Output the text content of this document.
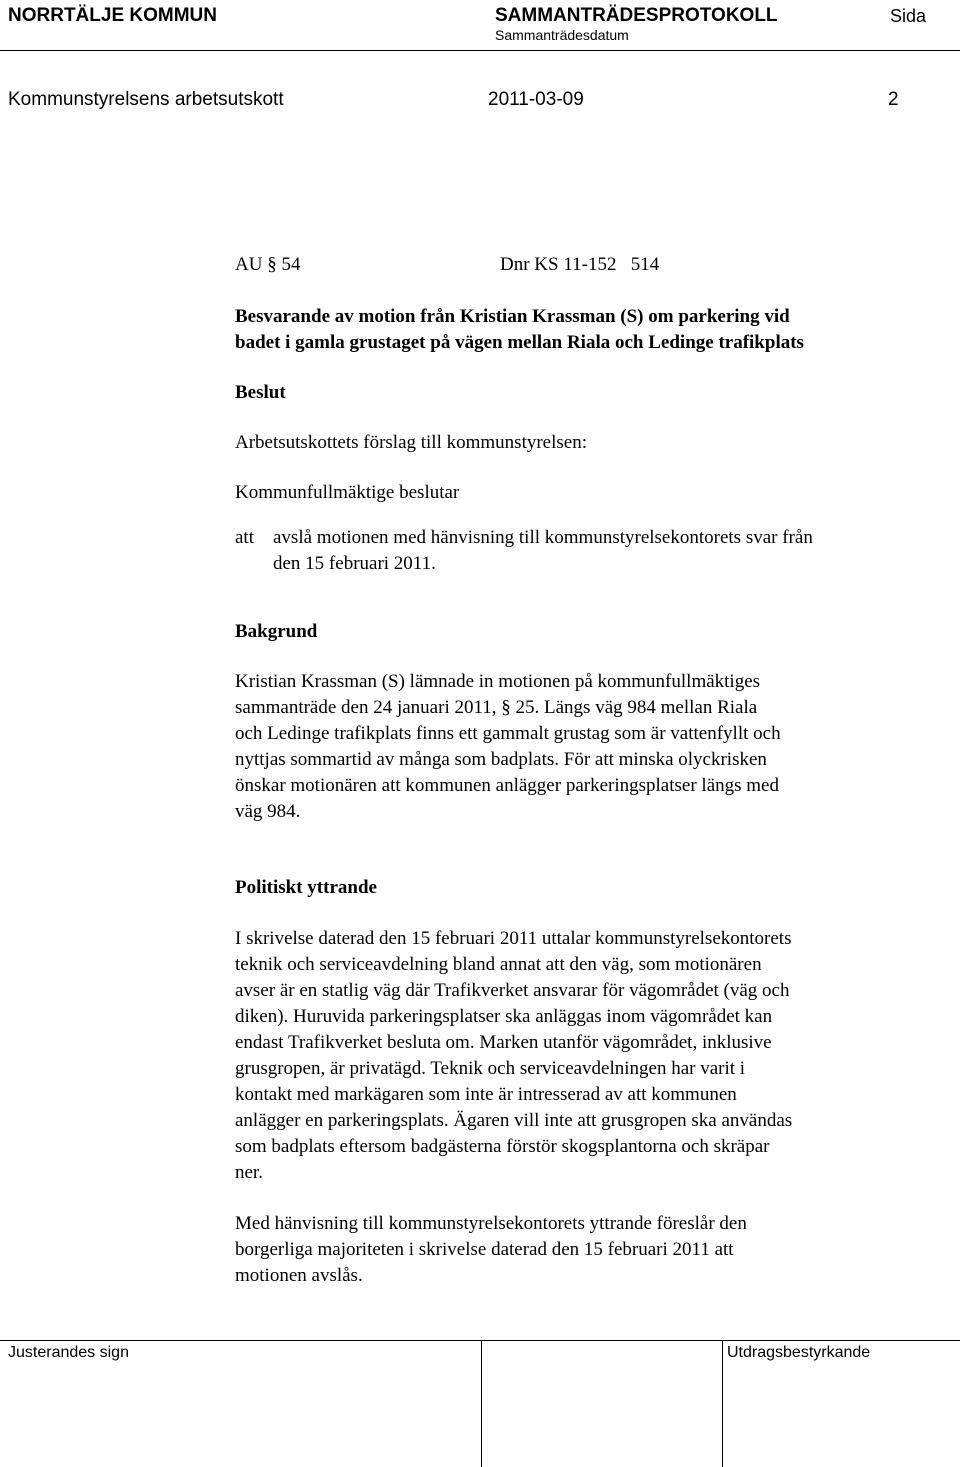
NORRTÄLJE KOMMUN	SAMMANTRÄDESPROTOKOLL
Sammanträdesdatum
Sida
Kommunstyrelsens arbetsutskott	2011-03-09	2
AU § 54	Dnr KS 11-152   514

Besvarande av motion från Kristian Krassman (S) om parkering vid

badet i gamla grustaget på vägen mellan Riala och Ledinge trafikplats

Beslut

Arbetsutskottets förslag till kommunstyrelsen:

Kommunfullmäktige beslutar

att	avslå motionen med hänvisning till kommunstyrelsekontorets svar från

den 15 februari 2011.

Bakgrund

Kristian Krassman (S) lämnade in motionen på kommunfullmäktiges

sammanträde den 24 januari 2011, § 25. Längs väg 984 mellan Riala

och Ledinge trafikplats finns ett gammalt grustag som är vattenfyllt och

nyttjas sommartid av många som badplats. För att minska olyckrisken

önskar motionären att kommunen anlägger parkeringsplatser längs med

väg 984.

Politiskt yttrande

I skrivelse daterad den 15 februari 2011 uttalar kommunstyrelsekontorets

teknik och serviceavdelning bland annat att den väg, som motionären

avser är en statlig väg där Trafikverket ansvarar för vägområdet (väg och

diken). Huruvida parkeringsplatser ska anläggas inom vägområdet kan

endast Trafikverket besluta om. Marken utanför vägområdet, inklusive

grusgropen, är privatägd. Teknik och serviceavdelningen har varit i

kontakt med markägaren som inte är intresserad av att kommunen

anlägger en parkeringsplats. Ägaren vill inte att grusgropen ska användas

som badplats eftersom badgästerna förstör skogsplantorna och skräpar

ner.

Med hänvisning till kommunstyrelsekontorets yttrande föreslår den

borgerliga majoriteten i skrivelse daterad den 15 februari 2011 att

motionen avslås.

Justerandes sign	Utdragsbestyrkande
